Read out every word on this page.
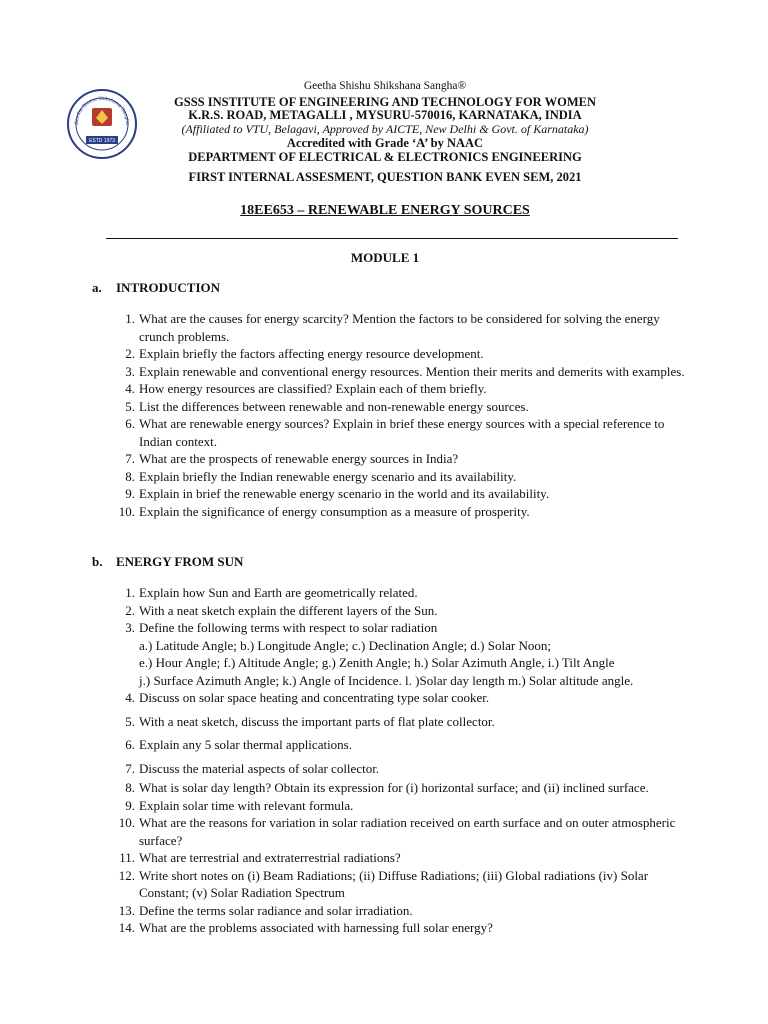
Geetha Shishu Shikshana Sangha
ESTD 1973

Geetha Shishu Shikshana Sangha®

GSSS INSTITUTE OF ENGINEERING AND TECHNOLOGY FOR WOMEN

K.R.S. ROAD, METAGALLI , MYSURU-570016, KARNATAKA, INDIA

(Affiliated to VTU, Belagavi, Approved by AICTE, New Delhi & Govt. of Karnataka)

Accredited with Grade ‘A’ by NAAC

DEPARTMENT OF ELECTRICAL & ELECTRONICS ENGINEERING

FIRST INTERNAL ASSESMENT, QUESTION BANK EVEN SEM, 2021
18EE653 – RENEWABLE ENERGY SOURCES
MODULE 1
a. INTRODUCTION
1. What are the causes for energy scarcity? Mention the factors to be considered for solving the energy crunch problems.
2. Explain briefly the factors affecting energy resource development.
3. Explain renewable and conventional energy resources. Mention their merits and demerits with examples.
4. How energy resources are classified? Explain each of them briefly.
5. List the differences between renewable and non-renewable energy sources.
6. What are renewable energy sources? Explain in brief these energy sources with a special reference to Indian context.
7. What are the prospects of renewable energy sources in India?
8. Explain briefly the Indian renewable energy scenario and its availability.
9. Explain in brief the renewable energy scenario in the world and its availability.
10. Explain the significance of energy consumption as a measure of prosperity.
b. ENERGY FROM SUN
1. Explain how Sun and Earth are geometrically related.
2. With a neat sketch explain the different layers of the Sun.
3. Define the following terms with respect to solar radiation
a.) Latitude Angle; b.) Longitude Angle; c.) Declination Angle; d.) Solar Noon;
e.) Hour Angle; f.) Altitude Angle; g.) Zenith Angle; h.) Solar Azimuth Angle, i.) Tilt Angle
j.) Surface Azimuth Angle; k.) Angle of Incidence. l. )Solar day length m.) Solar altitude angle.
4. Discuss on solar space heating and concentrating type solar cooker.
5. With a neat sketch, discuss the important parts of flat plate collector.
6. Explain any 5 solar thermal applications.
7. Discuss the material aspects of solar collector.
8. What is solar day length? Obtain its expression for (i) horizontal surface; and (ii) inclined surface.
9. Explain solar time with relevant formula.
10. What are the reasons for variation in solar radiation received on earth surface and on outer atmospheric surface?
11. What are terrestrial and extraterrestrial radiations?
12. Write short notes on (i) Beam Radiations; (ii) Diffuse Radiations; (iii) Global radiations (iv) Solar Constant; (v) Solar Radiation Spectrum
13. Define the terms solar radiance and solar irradiation.
14. What are the problems associated with harnessing full solar energy?
